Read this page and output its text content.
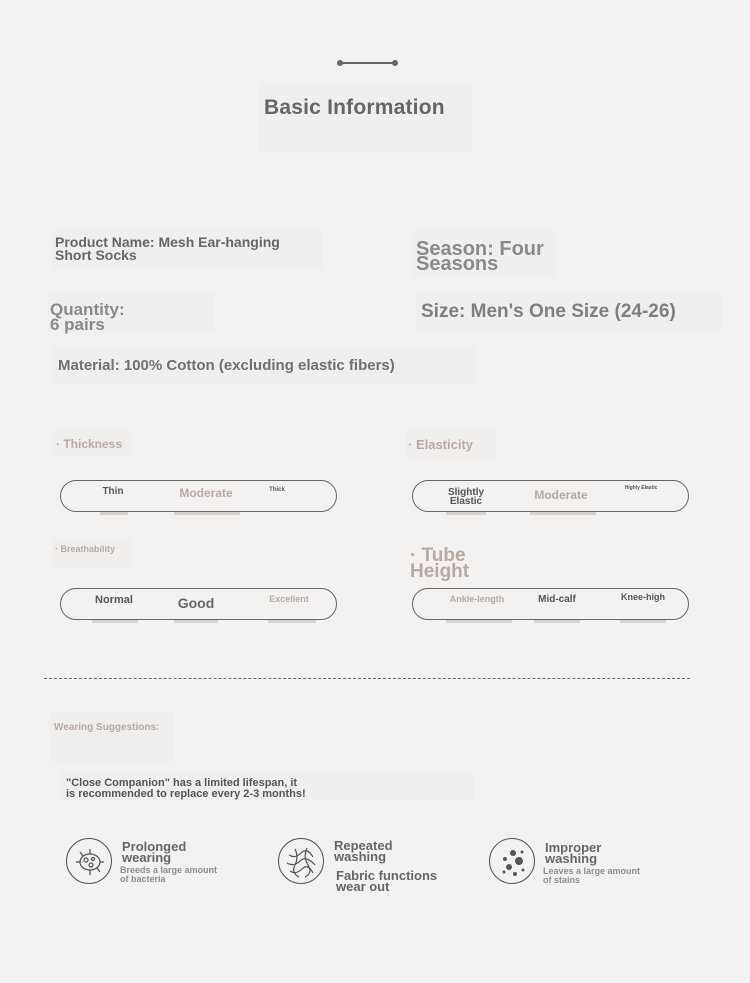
Basic Information
Product Name: Mesh Ear-hanging
Short Socks	Season: Four
Seasons
Quantity:
6 pairs
Size: Men's One Size (24-26)
Material: 100% Cotton (excluding elastic fibers)
· Thickness
Thin	Moderate	Thick
· Elasticity
Slightly
Elastic	Moderate	Highly Elastic
· Breathability
Normal	Good	Excellent
· Tube
Height
Ankle-length	Mid-calf	Knee-high
Wearing Suggestions:
"Close Companion" has a limited lifespan, it
is recommended to replace every 2-3 months!
Prolonged
wearing
Breeds a large amount
of bacteria
Repeated
washing
Fabric functions
wear out
Improper
washing
Leaves a large amount
of stains
